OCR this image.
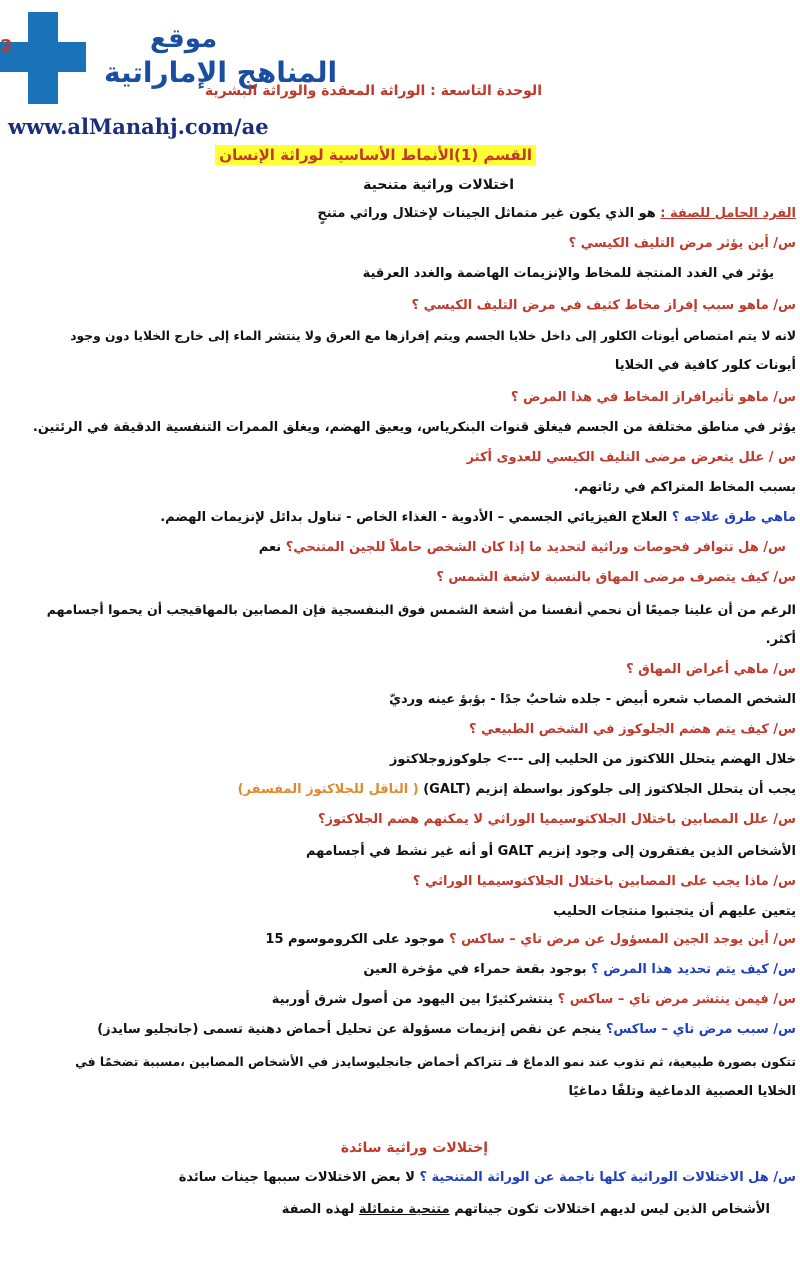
2	موقع
المناهج الإماراتية
www.alManahj.com/ae
الوحدة التاسعة : الوراثة المعقدة والوراثة البشرية
القسم (1)الأنماط الأساسية لوراثة الإنسان
اختلالات وراثية متنحية
الفرد الحامل للصفة : هو الذي يكون غير متماثل الجينات لإختلال وراثي متنحٍ
س/ أين يؤثر مرض التليف الكيسي ؟
يؤثر في الغدد المنتجة للمخاط والإنزيمات الهاضمة والغدد العرقية
س/ ماهو سبب إفراز مخاط كثيف في مرض التليف الكيسي ؟
لانه لا يتم امتصاص أيونات الكلور إلى داخل خلايا الجسم ويتم إفرازها مع العرق ولا ينتشر الماء إلى خارج الخلايا دون وجود
أيونات كلور كافية في الخلايا
س/ ماهو تأثيرافراز المخاط في هذا المرض ؟
يؤثر في مناطق مختلفة من الجسم فيغلق قنوات البنكرياس، ويعيق الهضم، ويغلق الممرات التنفسية الدقيقة في الرئتين.
س / علل يتعرض مرضى التليف الكيسي للعدوى أكثر
بسبب المخاط المتراكم في رئاتهم.
ماهي طرق علاجه ؟ العلاج الفيزيائي الجسمي – الأدوية - الغذاء الخاص - تناول بدائل لإنزيمات الهضم.
س/ هل تتوافر فحوصات وراثية لتحديد ما إذا كان الشخص حاملاً للجين المتنحي؟ نعم
س/ كيف يتصرف مرضى المهاق بالنسبة لاشعة الشمس ؟
الرغم من أن علينا جميعًا أن نحمي أنفسنا من أشعة الشمس فوق البنفسجية فإن المصابين بالمهاقيجب أن يحموا أجسامهم
أكثر.
س/ ماهي أعراض المهاق ؟
الشخص المصاب شعره أبيض - جلده شاحبٌ جدًا - بؤبؤ عينه ورديّ
س/ كيف يتم هضم الجلوكوز في الشخص الطبيعي ؟
خلال الهضم يتحلل اللاكتوز من الحليب إلى ---> جلوكوزوجلاكتوز
يجب أن يتحلل الجلاكتوز إلى جلوكوز بواسطة إنزيم (GALT) ( الناقل للجلاكتوز المفسفر)
س/ علل المصابين باختلال الجلاكتوسيميا الوراثي لا يمكنهم هضم الجلاكتوز؟
الأشخاص الذين يفتقرون إلى وجود إنزيم GALT أو أنه غير نشط في أجسامهم
س/ ماذا يجب على المصابين باختلال الجلاكتوسيميا الوراثي ؟
يتعين عليهم أن يتجنبوا منتجات الحليب
س/ أين يوجد الجين المسؤول عن مرض تاي – ساكس ؟ موجود على الكروموسوم 15
س/ كيف يتم تحديد هذا المرض ؟ بوجود بقعة حمراء في مؤخرة العين
س/ فيمن ينتشر مرض تاي – ساكس ؟ ينتشركثيرًا بين اليهود من أصول شرق أوربية
س/ سبب مرض تاي – ساكس؟ ينجم عن نقص إنزيمات مسؤولة عن تحليل أحماض دهنية تسمى (جانجليو سايدز)
تتكون بصورة طبيعية، ثم تذوب عند نمو الدماغ فـ تتراكم أحماض جانجليوسايدز في الأشخاص المصابين ،مسببة تضخمًا في
الخلايا العصبية الدماغية وتلفًا دماغيًا
س/ هل الاختلالات الوراثية كلها ناجمة عن الوراثة المتنحية ؟ لا بعض الاختلالات سببها جينات سائدة
الأشخاص الذين ليس لديهم اختلالات تكون جيناتهم متنحية متماثلة لهذه الصفة
إختلالات وراثية سائدة
